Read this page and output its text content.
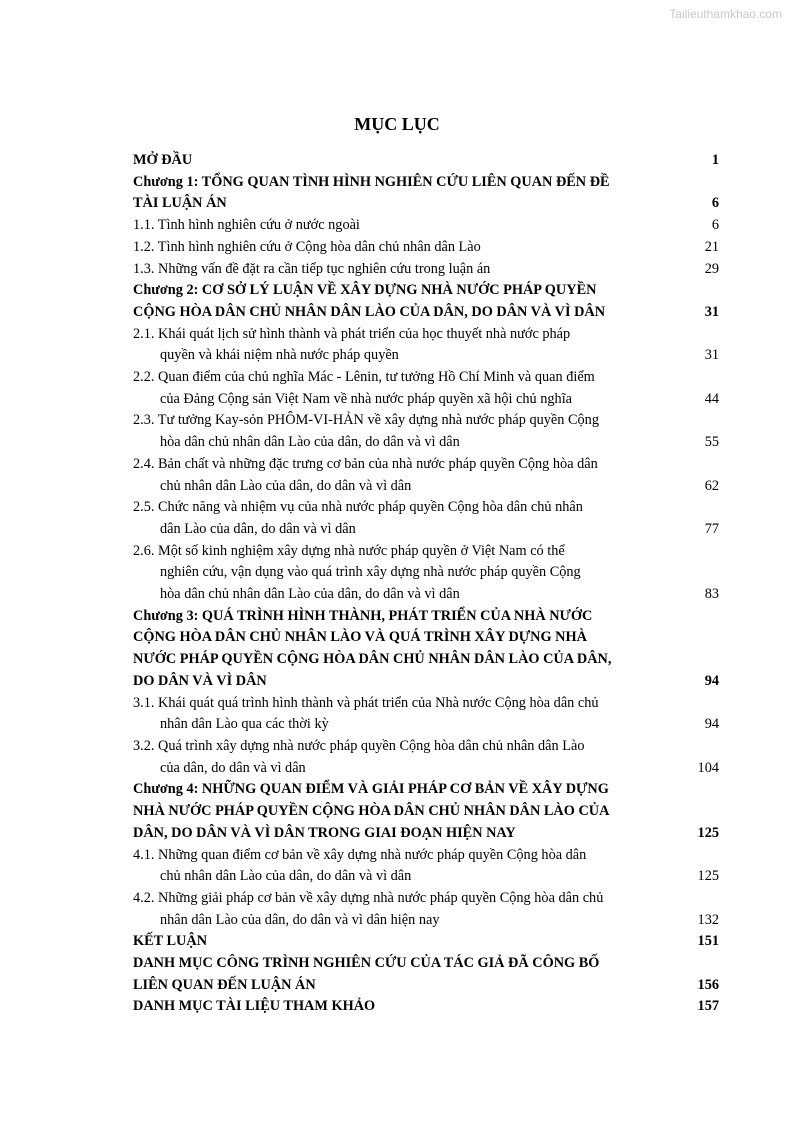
Tailieuthamkhao.com
MỤC LỤC
MỞ ĐẦU	1
Chương 1: TỔNG QUAN TÌNH HÌNH NGHIÊN CỨU LIÊN QUAN ĐẾN ĐỀ
TÀI LUẬN ÁN	6
1.1. Tình hình nghiên cứu ở nước ngoài	6
1.2. Tình hình nghiên cứu ở Cộng hòa dân chủ nhân dân Lào	21
1.3. Những vấn đề đặt ra cần tiếp tục nghiên cứu trong luận án	29
Chương 2: CƠ SỞ LÝ LUẬN VỀ XÂY DỰNG NHÀ NƯỚC PHÁP QUYỀN
CỘNG HÒA DÂN CHỦ NHÂN DÂN LÀO CỦA DÂN, DO DÂN VÀ VÌ DÂN	31
2.1. Khái quát lịch sử hình thành và phát triển của học thuyết nhà nước pháp
quyền và khái niệm nhà nước pháp quyền	31
2.2. Quan điểm của chủ nghĩa Mác - Lênin, tư tưởng Hồ Chí Minh và quan điểm
của Đảng Cộng sản Việt Nam về nhà nước pháp quyền xã hội chủ nghĩa	44
2.3. Tư tưởng Kay-sỏn PHÔM-VI-HẢN về xây dựng nhà nước pháp quyền Cộng
hòa dân chủ nhân dân Lào của dân, do dân và vì dân	55
2.4. Bản chất và những đặc trưng cơ bản của nhà nước pháp quyền Cộng hòa dân
chủ nhân dân Lào của dân, do dân và vì dân	62
2.5. Chức năng và nhiệm vụ của nhà nước pháp quyền Cộng hòa dân chủ nhân
dân Lào của dân, do dân và vì dân	77
2.6. Một số kinh nghiệm xây dựng nhà nước pháp quyền ở Việt Nam có thể
nghiên cứu, vận dụng vào quá trình xây dựng nhà nước pháp quyền Cộng
hòa dân chủ nhân dân Lào của dân, do dân và vì dân	83
Chương 3: QUÁ TRÌNH HÌNH THÀNH, PHÁT TRIỂN CỦA NHÀ NƯỚC
CỘNG HÒA DÂN CHỦ NHÂN LÀO VÀ QUÁ TRÌNH XÂY DỰNG NHÀ
NƯỚC PHÁP QUYỀN CỘNG HÒA DÂN CHỦ NHÂN DÂN LÀO CỦA DÂN,
DO DÂN VÀ VÌ DÂN	94
3.1. Khái quát quá trình hình thành và phát triển của Nhà nước Cộng hòa dân chủ
nhân dân Lào qua các thời kỳ	94
3.2. Quá trình xây dựng nhà nước pháp quyền Cộng hòa dân chủ nhân dân Lào
của dân, do dân và vì dân	104
Chương 4: NHỮNG QUAN ĐIỂM VÀ GIẢI PHÁP CƠ BẢN VỀ XÂY DỰNG
NHÀ NƯỚC PHÁP QUYỀN CỘNG HÒA DÂN CHỦ NHÂN DÂN LÀO CỦA
DÂN, DO DÂN VÀ VÌ DÂN TRONG GIAI ĐOẠN HIỆN NAY	125
4.1. Những quan điểm cơ bản về xây dựng nhà nước pháp quyền Cộng hòa dân
chủ nhân dân Lào của dân, do dân và vì dân	125
4.2. Những giải pháp cơ bản về xây dựng nhà nước pháp quyền Cộng hòa dân chủ
nhân dân Lào của dân, do dân và vì dân hiện nay	132
KẾT LUẬN	151
DANH MỤC CÔNG TRÌNH NGHIÊN CỨU CỦA TÁC GIẢ ĐÃ CÔNG BỐ
LIÊN QUAN ĐẾN LUẬN ÁN	156
DANH MỤC TÀI LIỆU THAM KHẢO	157
